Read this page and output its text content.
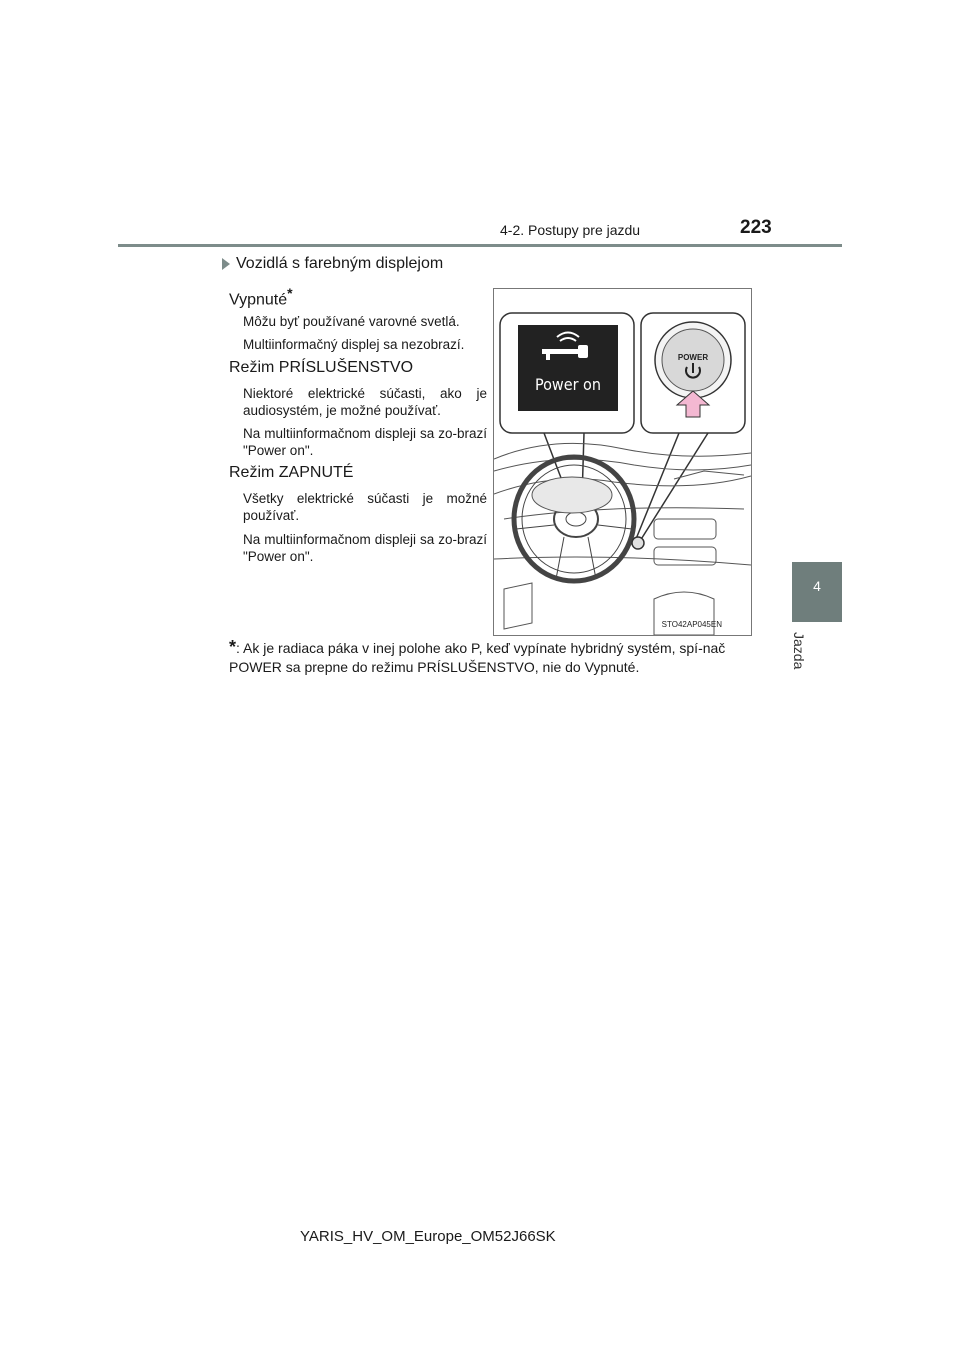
4-2. Postupy pre jazdu	223
4
Jazda
Vozidlá s farebným displejom
Vypnuté*

Môžu byť používané varovné svetlá.

Multiinformačný displej sa nezobrazí.

Režim PRÍSLUŠENSTVO

Niektoré elektrické súčasti, ako je audiosystém, je možné používať.

Na multiinformačnom displeji sa zo-brazí "Power on".

Režim ZAPNUTÉ

Všetky elektrické súčasti je možné používať.

Na multiinformačnom displeji sa zo-brazí "Power on".

Power on
POWER
STO42AP045EN
*: Ak je radiaca páka v inej polohe ako P, keď vypínate hybridný systém, spí-nač POWER sa prepne do režimu PRÍSLUŠENSTVO, nie do Vypnuté.
YARIS_HV_OM_Europe_OM52J66SK
